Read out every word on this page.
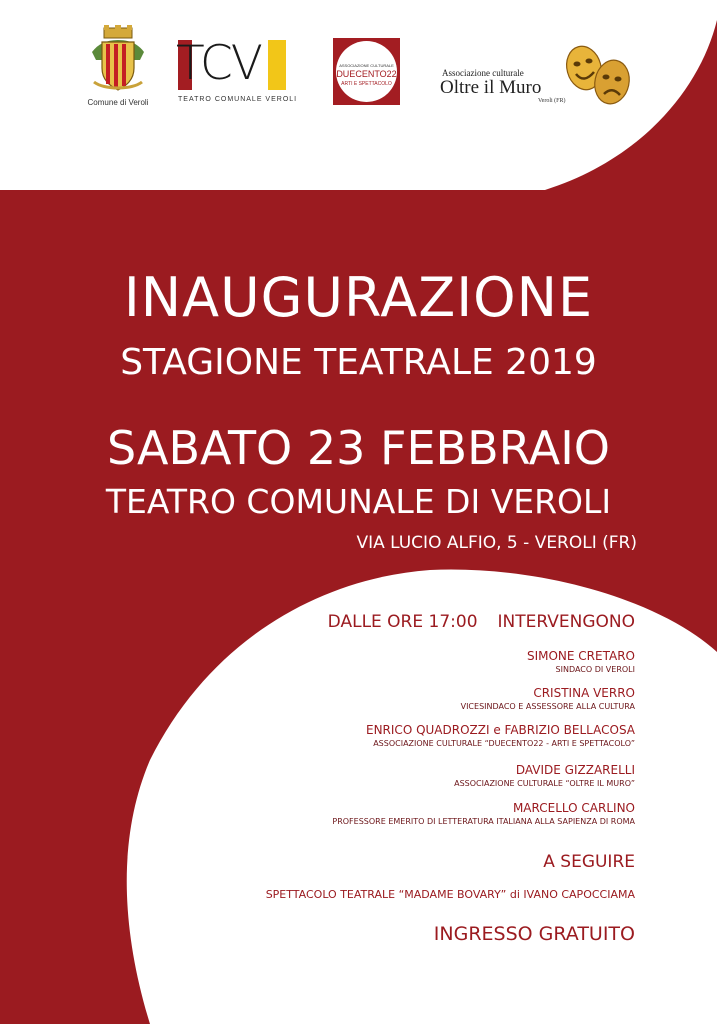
Comune di Veroli
TCV
TEATRO COMUNALE VEROLI
ASSOCIAZIONE CULTURALE
DUECENTO22
ARTI E SPETTACOLO
Associazione culturale
Oltre il Muro
Veroli (FR)
INAUGURAZIONE
STAGIONE TEATRALE 2019
SABATO 23 FEBBRAIO
TEATRO COMUNALE DI VEROLI
VIA LUCIO ALFIO, 5 - VEROLI (FR)
DALLE ORE 17:00 INTERVENGONO
SIMONE CRETARO
SINDACO DI VEROLI
CRISTINA VERRO
VICESINDACO E ASSESSORE ALLA CULTURA
ENRICO QUADROZZI e FABRIZIO BELLACOSA
ASSOCIAZIONE CULTURALE “DUECENTO22 - ARTI E SPETTACOLO”
DAVIDE GIZZARELLI
ASSOCIAZIONE CULTURALE “OLTRE IL MURO”
MARCELLO CARLINO
PROFESSORE EMERITO DI LETTERATURA ITALIANA ALLA SAPIENZA DI ROMA
A SEGUIRE
SPETTACOLO TEATRALE “MADAME BOVARY” di IVANO CAPOCCIAMA
INGRESSO GRATUITO
